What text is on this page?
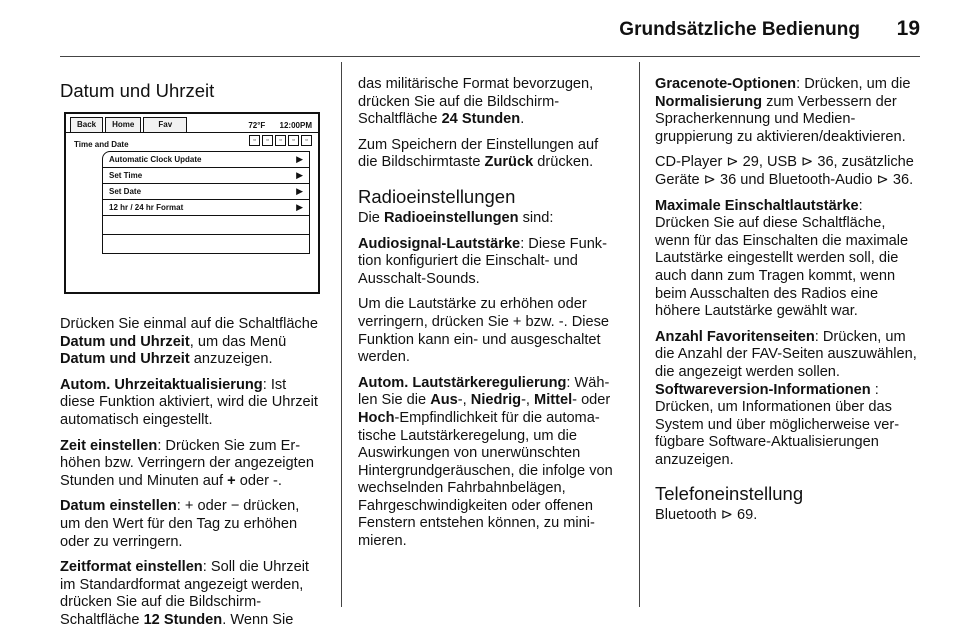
Grundsätzliche Bedienung	19
Datum und Uhrzeit
Back	Home	Fav	72°F 12:00PM
Time and Date	▫	▫	▫	▫	▫
Automatic Clock Update	▶
Set Time	▶
Set Date	▶
12 hr / 24 hr Format	▶

Drücken Sie einmal auf die Schaltfläche Datum und Uhrzeit, um das Menü Datum und Uhrzeit anzuzeigen.

Autom. Uhrzeitaktualisierung: Ist diese Funktion aktiviert, wird die Uhrzeit automatisch eingestellt.

Zeit einstellen: Drücken Sie zum Erhöhen bzw. Verringern der angezeigten Stunden und Minuten auf + oder -.

Datum einstellen: + oder − drücken, um den Wert für den Tag zu erhöhen oder zu verringern.

Zeitformat einstellen: Soll die Uhrzeit im Standardformat angezeigt werden, drücken Sie auf die Bildschirm-Schaltfläche 12 Stunden. Wenn Sie

das militärische Format bevorzugen, drücken Sie auf die Bildschirm-Schaltfläche 24 Stunden.

Zum Speichern der Einstellungen auf die Bildschirmtaste Zurück drücken.

Radioeinstellungen

Die Radioeinstellungen sind:

Audiosignal-Lautstärke: Diese Funktion konfiguriert die Einschalt- und Ausschalt-Sounds.

Um die Lautstärke zu erhöhen oder verringern, drücken Sie + bzw. -. Diese Funktion kann ein- und ausgeschaltet werden.

Autom. Lautstärkeregulierung: Wählen Sie die Aus-, Niedrig-, Mittel- oder Hoch-Empfindlichkeit für die automatische Lautstärkeregelung, um die Auswirkungen von unerwünschten Hintergrundgeräuschen, die infolge von wechselnden Fahrbahnbelägen, Fahrgeschwindigkeiten oder offenen Fenstern entstehen können, zu minimieren.

Gracenote-Optionen: Drücken, um die Normalisierung zum Verbessern der Spracherkennung und Mediengruppierung zu aktivieren/deaktivieren.

CD-Player ⊳ 29, USB ⊳ 36, zusätzliche Geräte ⊳ 36 und Bluetooth-Audio ⊳ 36.

Maximale Einschaltlautstärke: Drücken Sie auf diese Schaltfläche, wenn für das Einschalten die maximale Lautstärke eingestellt werden soll, die auch dann zum Tragen kommt, wenn beim Ausschalten des Radios eine höhere Lautstärke gewählt war.

Anzahl Favoritenseiten: Drücken, um die Anzahl der FAV-Seiten auszuwählen, die angezeigt werden sollen.

Softwareversion-Informationen : Drücken, um Informationen über das System und über möglicherweise verfügbare Software-Aktualisierungen anzuzeigen.

Telefoneinstellung

Bluetooth ⊳ 69.
